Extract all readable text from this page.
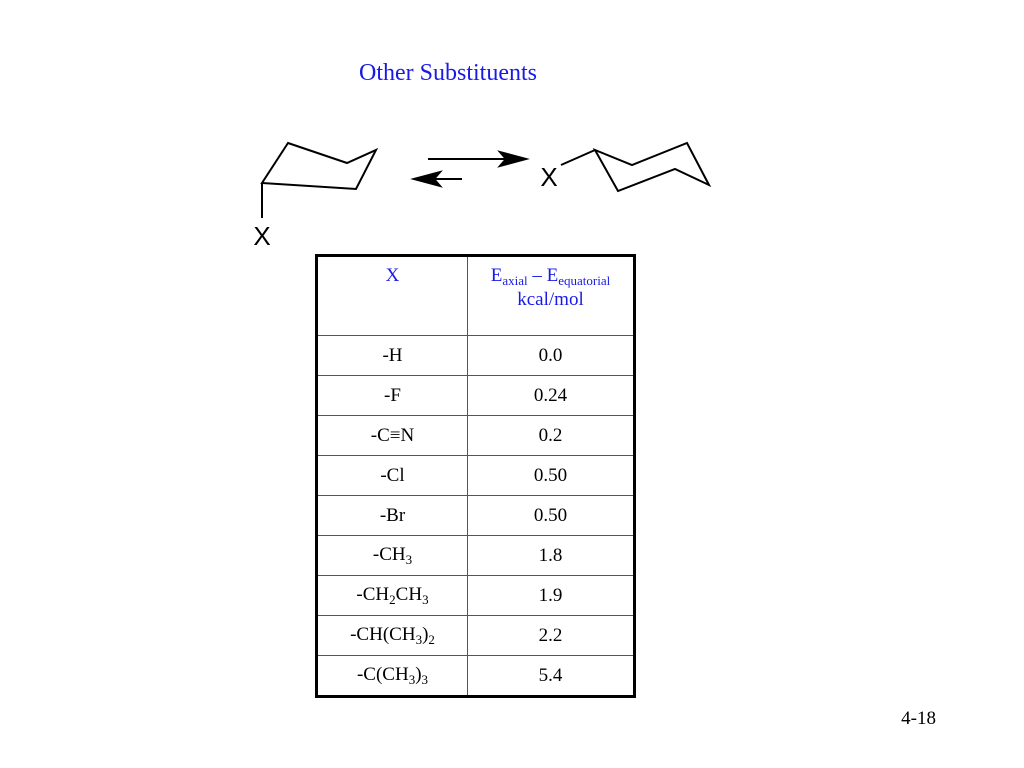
Other Substituents
X
X
X	$E_{axial} - E_{equatorial}$
kcal/mol
-H	0.0
-F	0.24
-C≡N	0.2
-Cl	0.50
-Br	0.50
$-CH_3$	1.8
$-CH_2CH_3$	1.9
$-CH(CH_3)_2$	2.2
$-C(CH_3)_3$	5.4
4-18
